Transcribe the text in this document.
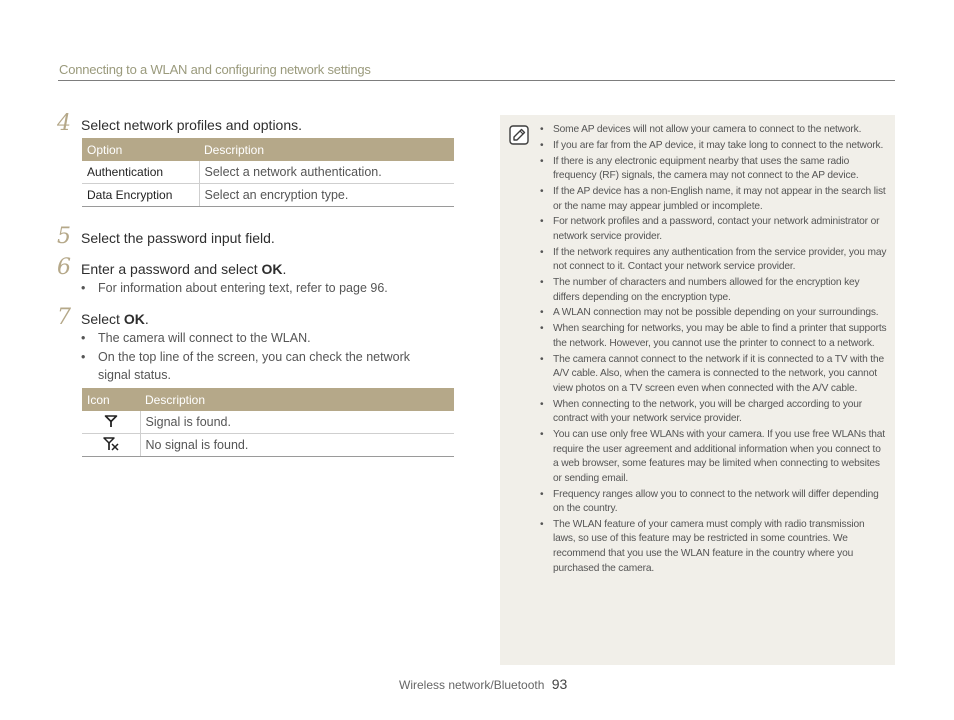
Connecting to a WLAN and configuring network settings
4 Select network profiles and options.
Option	Description
Authentication	Select a network authentication.
Data Encryption	Select an encryption type.
5 Select the password input field.
6 Enter a password and select OK.
•	For information about entering text, refer to page 96.
7 Select OK.
•	The camera will connect to the WLAN.
•	On the top line of the screen, you can check the network signal status.
Icon	Description
	Signal is found.
	No signal is found.
• Some AP devices will not allow your camera to connect to the network.
• If you are far from the AP device, it may take long to connect to the network.
• If there is any electronic equipment nearby that uses the same radio frequency (RF) signals, the camera may not connect to the AP device.
• If the AP device has a non-English name, it may not appear in the search list or the name may appear jumbled or incomplete.
• For network profiles and a password, contact your network administrator or network service provider.
• If the network requires any authentication from the service provider, you may not connect to it. Contact your network service provider.
• The number of characters and numbers allowed for the encryption key differs depending on the encryption type.
• A WLAN connection may not be possible depending on your surroundings.
• When searching for networks, you may be able to find a printer that supports the network. However, you cannot use the printer to connect to a network.
• The camera cannot connect to the network if it is connected to a TV with the A/V cable. Also, when the camera is connected to the network, you cannot view photos on a TV screen even when connected with the A/V cable.
• When connecting to the network, you will be charged according to your contract with your network service provider.
• You can use only free WLANs with your camera. If you use free WLANs that require the user agreement and additional information when you connect to a web browser, some features may be limited when connecting to websites or sending email.
• Frequency ranges allow you to connect to the network will differ depending on the country.
• The WLAN feature of your camera must comply with radio transmission laws, so use of this feature may be restricted in some countries. We recommend that you use the WLAN feature in the country where you purchased the camera.
Wireless network/Bluetooth 93
